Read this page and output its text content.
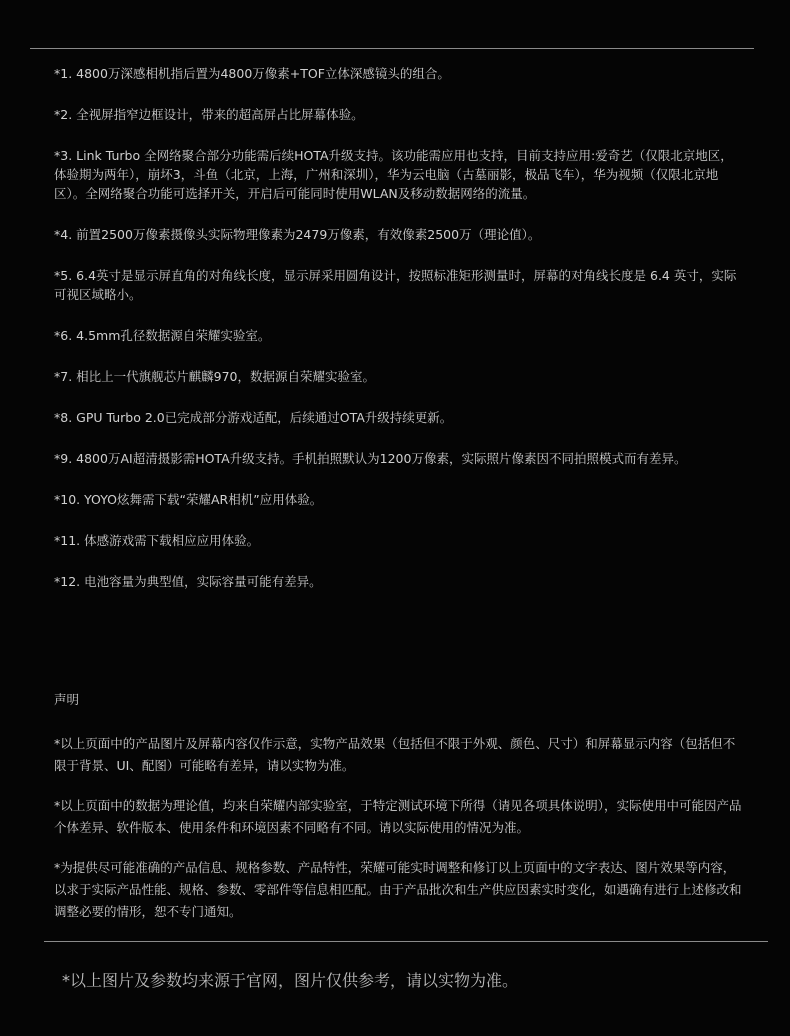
*1. 4800万深感相机指后置为4800万像素+TOF立体深感镜头的组合。

*2. 全视屏指窄边框设计，带来的超高屏占比屏幕体验。

*3. Link Turbo 全网络聚合部分功能需后续HOTA升级支持。该功能需应用也支持，目前支持应用:爱奇艺（仅限北京地区，体验期为两年），崩坏3，斗鱼（北京，上海，广州和深圳），华为云电脑（古墓丽影，极品飞车），华为视频（仅限北京地区）。全网络聚合功能可选择开关，开启后可能同时使用WLAN及移动数据网络的流量。

*4. 前置2500万像素摄像头实际物理像素为2479万像素，有效像素2500万（理论值）。

*5. 6.4英寸是显示屏直角的对角线长度，显示屏采用圆角设计，按照标准矩形测量时，屏幕的对角线长度是 6.4 英寸，实际可视区域略小。

*6. 4.5mm孔径数据源自荣耀实验室。

*7. 相比上一代旗舰芯片麒麟970，数据源自荣耀实验室。

*8. GPU Turbo 2.0已完成部分游戏适配，后续通过OTA升级持续更新。

*9. 4800万AI超清摄影需HOTA升级支持。手机拍照默认为1200万像素，实际照片像素因不同拍照模式而有差异。

*10. YOYO炫舞需下载“荣耀AR相机”应用体验。

*11. 体感游戏需下载相应应用体验。

*12. 电池容量为典型值，实际容量可能有差异。

声明
*以上页面中的产品图片及屏幕内容仅作示意，实物产品效果（包括但不限于外观、颜色、尺寸）和屏幕显示内容（包括但不限于背景、UI、配图）可能略有差异，请以实物为准。
*以上页面中的数据为理论值，均来自荣耀内部实验室，于特定测试环境下所得（请见各项具体说明），实际使用中可能因产品个体差异、软件版本、使用条件和环境因素不同略有不同。请以实际使用的情况为准。
*为提供尽可能准确的产品信息、规格参数、产品特性，荣耀可能实时调整和修订以上页面中的文字表达、图片效果等内容，以求于实际产品性能、规格、参数、零部件等信息相匹配。由于产品批次和生产供应因素实时变化，如遇确有进行上述修改和调整必要的情形，恕不专门通知。
*以上图片及参数均来源于官网，图片仅供参考，请以实物为准。
